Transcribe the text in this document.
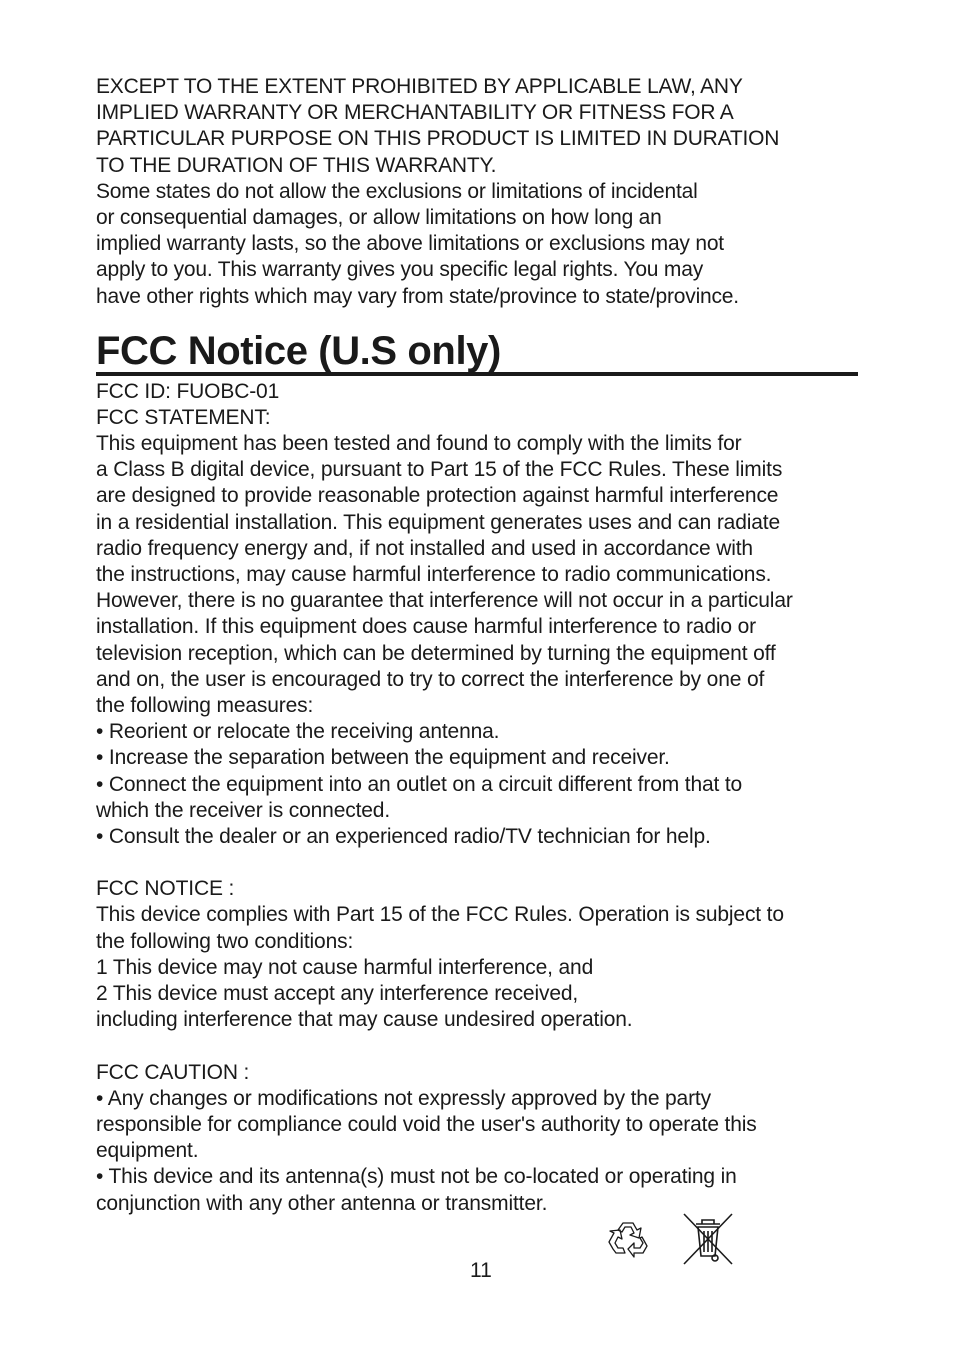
EXCEPT TO THE EXTENT PROHIBITED BY APPLICABLE LAW, ANY
IMPLIED WARRANTY OR MERCHANTABILITY OR FITNESS FOR A
PARTICULAR PURPOSE ON THIS PRODUCT IS LIMITED IN DURATION
TO THE DURATION OF THIS WARRANTY.
Some states do not allow the exclusions or limitations of incidental
or consequential damages, or allow limitations on how long an
implied warranty lasts, so the above limitations or exclusions may not
apply to you. This warranty gives you specific legal rights. You may
have other rights which may vary from state/province to state/province.
FCC Notice (U.S only)
FCC ID: FUOBC-01
FCC STATEMENT:
This equipment has been tested and found to comply with the limits for
a Class B digital device, pursuant to Part 15 of the FCC Rules. These limits
are designed to provide reasonable protection against harmful interference
in a residential installation. This equipment generates uses and can radiate
radio frequency energy and, if not installed and used in accordance with
the instructions, may cause harmful interference to radio communications.
However, there is no guarantee that interference will not occur in a particular
installation. If this equipment does cause harmful interference to radio or
television reception, which can be determined by turning the equipment off
and on, the user is encouraged to try to correct the interference by one of
the following measures:
• Reorient or relocate the receiving antenna.
• Increase the separation between the equipment and receiver.
• Connect the equipment into an outlet on a circuit different from that to
which the receiver is connected.
• Consult the dealer or an experienced radio/TV technician for help.
FCC NOTICE :
This device complies with Part 15 of the FCC Rules. Operation is subject to
the following two conditions:
1 This device may not cause harmful interference, and
2 This device must accept any interference received,
including interference that may cause undesired operation.
FCC CAUTION :
• Any changes or modifications not expressly approved by the party
responsible for compliance could void the user's authority to operate this
equipment.
• This device and its antenna(s) must not be co-located or operating in
conjunction with any other antenna or transmitter.
11
